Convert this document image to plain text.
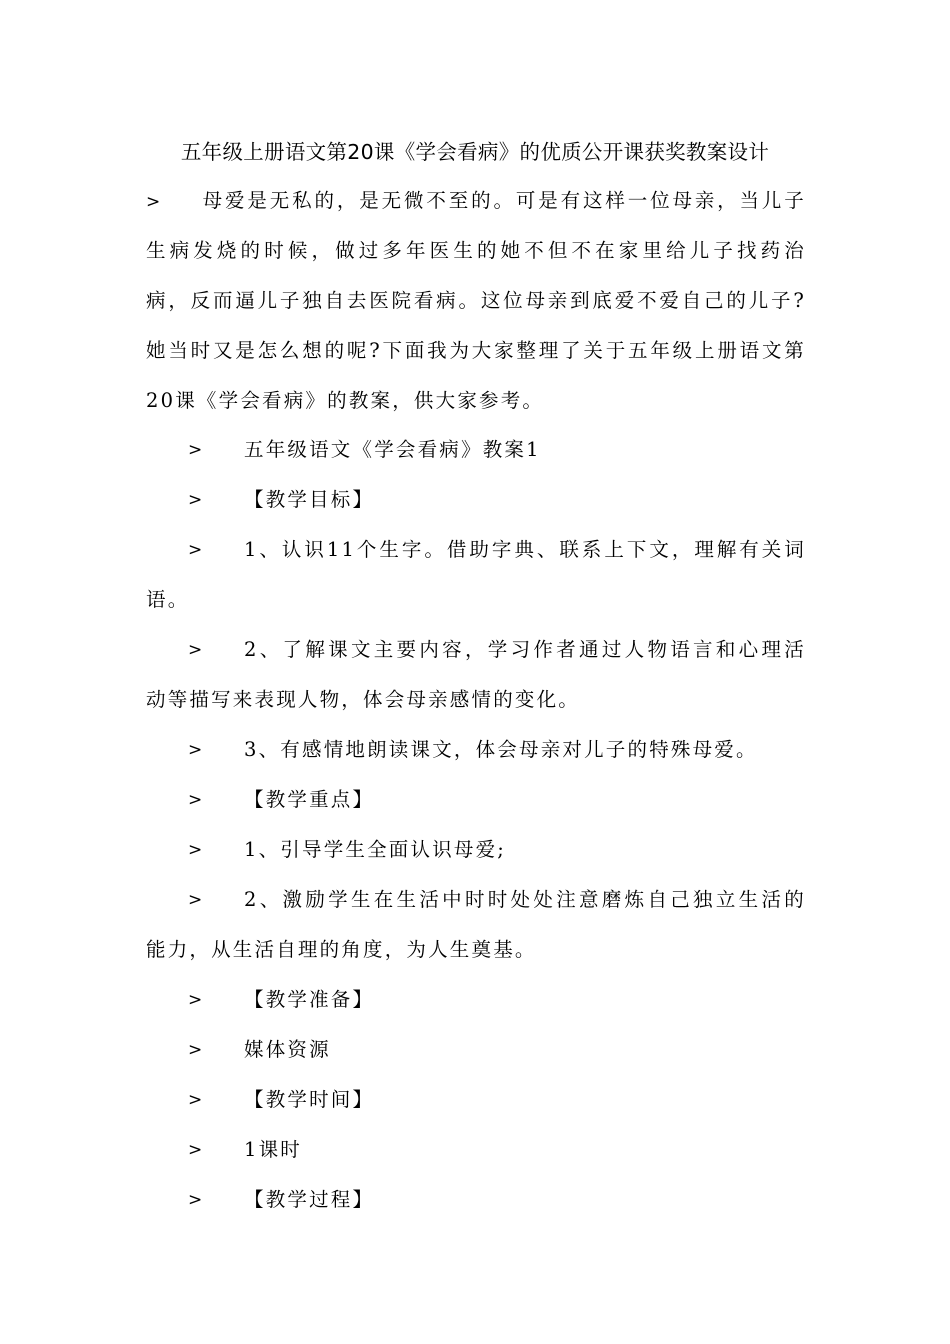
五年级上册语文第20课《学会看病》的优质公开课获奖教案设计
> 母爱是无私的，是无微不至的。可是有这样一位母亲，当儿子
生病发烧的时候，做过多年医生的她不但不在家里给儿子找药治
病，反而逼儿子独自去医院看病。这位母亲到底爱不爱自己的儿子?
她当时又是怎么想的呢?下面我为大家整理了关于五年级上册语文第
20课《学会看病》的教案，供大家参考。
> 五年级语文《学会看病》教案1
> 【教学目标】
> 1、认识11个生字。借助字典、联系上下文，理解有关词
语。
> 2、了解课文主要内容，学习作者通过人物语言和心理活
动等描写来表现人物，体会母亲感情的变化。
> 3、有感情地朗读课文，体会母亲对儿子的特殊母爱。
> 【教学重点】
> 1、引导学生全面认识母爱;
> 2、激励学生在生活中时时处处注意磨炼自己独立生活的
能力，从生活自理的角度，为人生奠基。
> 【教学准备】
> 媒体资源
> 【教学时间】
> 1课时
> 【教学过程】
